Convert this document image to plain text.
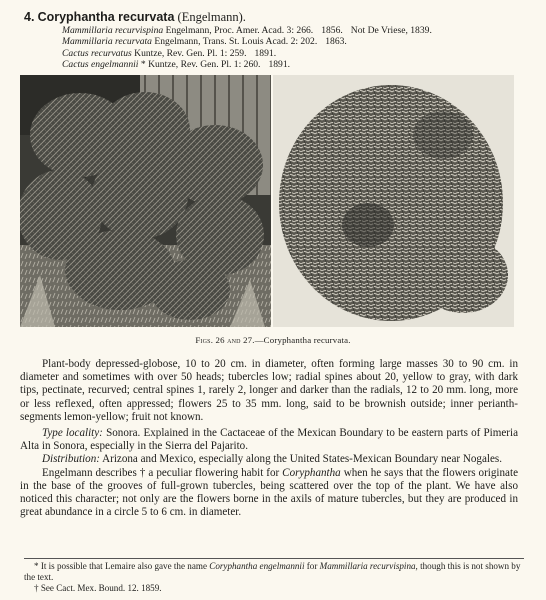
4. Coryphantha recurvata (Engelmann).
Mammillaria recurvispina Engelmann, Proc. Amer. Acad. 3: 266. 1856. Not De Vriese, 1839.
Mammillaria recurvata Engelmann, Trans. St. Louis Acad. 2: 202. 1863.
Cactus recurvatus Kuntze, Rev. Gen. Pl. 1: 259. 1891.
Cactus engelmannii * Kuntze, Rev. Gen. Pl. 1: 260. 1891.
Figs. 26 and 27.—Coryphantha recurvata.

Plant-body depressed-globose, 10 to 20 cm. in diameter, often forming large masses 30 to 90 cm. in diameter and sometimes with over 50 heads; tubercles low; radial spines about 20, yellow to gray, with dark tips, pectinate, recurved; central spines 1, rarely 2, longer and darker than the radials, 12 to 20 mm. long, more or less reflexed, often appressed; flowers 25 to 35 mm. long, said to be brownish outside; inner perianth-segments lemon-yellow; fruit not known.

Type locality: Sonora. Explained in the Cactaceae of the Mexican Boundary to be eastern parts of Pimeria Alta in Sonora, especially in the Sierra del Pajarito.

Distribution: Arizona and Mexico, especially along the United States-Mexican Boundary near Nogales.

Engelmann describes † a peculiar flowering habit for Coryphantha when he says that the flowers originate in the base of the grooves of full-grown tubercles, being scattered over the top of the plant. We have also noticed this character; not only are the flowers borne in the axils of mature tubercles, but they are produced in great abundance in a circle 5 to 6 cm. in diameter.

* It is possible that Lemaire also gave the name Coryphantha engelmannii for Mammillaria recurvispina, though this is not shown by the text.

† See Cact. Mex. Bound. 12. 1859.
